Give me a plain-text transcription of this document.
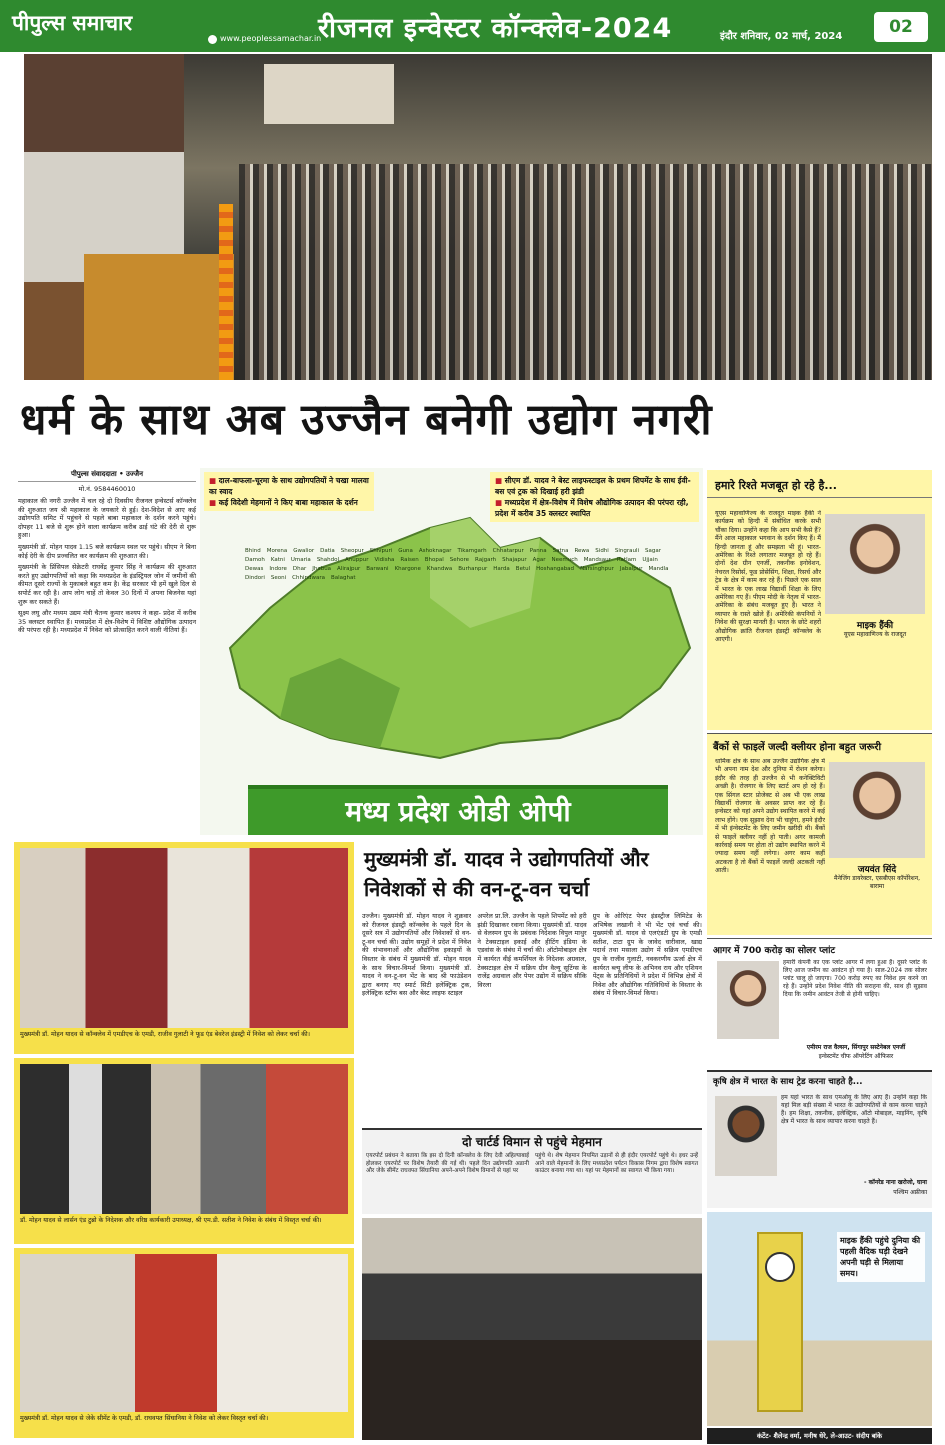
पीपुल्स समाचार
www.peoplessamachar.in
रीजनल इन्वेस्टर कॉन्क्लेव-2024	इंदौर शनिवार, 02 मार्च, 2024	02
धर्म के साथ अब उज्जैन बनेगी उद्योग नगरी
पीपुल्स संवाददाता • उज्जैन
मो.नं. 9584460010

महाकाल की नगरी उज्जैन में चल रहे दो दिवसीय रीजनल इन्वेस्टर्स कॉन्क्लेव की शुरुआत जय श्री महाकाल के जयकारे से हुई। देश-विदेश से आए कई उद्योगपति समिट में पहुंचने से पहले बाबा महाकाल के दर्शन करने पहुंचे। दोपहर 11 बजे से शुरू होने वाला कार्यक्रम करीब ढाई घंटे की देरी से शुरू हुआ।

मुख्यमंत्री डॉ. मोहन यादव 1.15 बजे कार्यक्रम स्थल पर पहुंचे। सीएम ने बिना कोई देरी के दीप प्रज्वलित कर कार्यक्रम की शुरुआत की।

मुख्यमंत्री के प्रिंसिपल सेक्रेटरी राघवेंद्र कुमार सिंह ने कार्यक्रम की शुरुआत करते हुए उद्योगपतियों को कहा कि मध्यप्रदेश के इंडस्ट्रियल जोन में जमीनों की कीमत दूसरे राज्यों के मुकाबले बहुत कम है। केंद्र सरकार भी हमें खुले दिल से सपोर्ट कर रही है। आप लोग चाहें तो केवल 30 दिनों में अपना बिजनेस यहां शुरू कर सकते हैं।

सूक्ष्म लघु और मध्यम उद्यम मंत्री चैतन्य कुमार कश्यप ने कहा- प्रदेश में करीब 35 क्लस्टर स्थापित हैं। मध्यप्रदेश में क्षेत्र-विशेष में विशिष्ट औद्योगिक उत्पादन की परंपरा रही है। मध्यप्रदेश में निवेश को प्रोत्साहित करने वाली नीतियां हैं।

Bhind Morena Gwalior Datia Sheopur Shivpuri Guna Ashoknagar Tikamgarh Chhatarpur Panna Satna Rewa Sidhi Singrauli Sagar
Damoh Katni Umaria Shahdol Anuppur Vidisha Raisen Bhopal Sehore Rajgarh Shajapur Agar Neemuch Mandsaur Ratlam Ujjain
Dewas Indore Dhar Jhabua Alirajpur Barwani Khargone Khandwa Burhanpur Harda Betul Hoshangabad Narsinghpur Jabalpur Mandla
Dindori Seoni Chhindwara Balaghat
■ दाल-बाफला-चूरमा के साथ उद्योगपतियों ने चखा मालवा का स्वाद
■ कई विदेशी मेहमानों ने किए बाबा महाकाल के दर्शन
■ सीएम डॉ. यादव ने बेस्ट लाइफस्टाइल के प्रथम शिपमेंट के साथ ईवी-बस एवं ट्रक को दिखाई हरी झंडी
■ मध्यप्रदेश में क्षेत्र-विशेष में विशेष औद्योगिक उत्पादन की परंपरा रही, प्रदेश में करीब 35 क्लस्टर स्थापित
मध्य प्रदेश ओडी ओपी
हमारे रिश्ते मजबूत हो रहे है...
यूएस महावाणिज्य के राजदूत माइक हैंकी ने कार्यक्रम को हिन्दी में संबोधित करके सभी चौंका दिया। उन्होंने कहा कि आप सभी कैसे हैं? मैंने आज महाकाल भगवान के दर्शन किए हैं। मैं हिन्दी जानता हूं और समझता भी हूं। भारत-अमेरिका के रिश्ते लगातार मजबूत हो रहे हैं। दोनों देश ग्रीन एनर्जी, तकनीक इनोवेशन, नेचरल रिसोर्स, फूड प्रोसेसिंग, शिक्षा, रिसर्च और ट्रेड के क्षेत्र में काम कर रहे हैं। पिछले एक साल में भारत के एक लाख विद्यार्थी शिक्षा के लिए अमेरिका गए हैं। पीएम मोदी के नेतृत्व में भारत-अमेरिका के संबंध मजबूत हुए हैं। भारत ने व्यापार के रास्ते खोले हैं। अमेरिकी कंपनियों ने निवेश की सुरक्षा मानती है। भारत के छोटे शहरों औद्योगिक क्रांति रीजनल इंडस्ट्री कॉन्क्लेव के आएगी।
माइक हैंकी
यूएस महावाणिज्य के राजदूत
बैंकों से फाइलें जल्दी क्लीयर होना बहुत जरूरी
धार्मिक क्षेत्र के साथ अब उज्जैन उद्योगिक क्षेत्र में भी अपना नाम देश और दुनिया में रोशन करेगा। इंदौर की तरह ही उज्जैन से भी कनेक्टिविटी अच्छी है। रोजगार के लिए स्टार्ट अप हो रहे हैं। एक सिंगल स्टार प्रोजेक्ट से अब भी एक लाख विद्यार्थी रोजगार के अवसर प्राप्त कर रहे हैं। इन्वेस्टर को यहां अपने उद्योग स्थापित करने में कई लाभ होंगे। एक सुझाव देना भी चाहूंगा, हमने इंदौर में भी इंन्वेस्टमेंट के लिए जमीन खरीदी थी। बैंकों से फाइलें क्लीयर नहीं हो पाती। अगर कामजी कार्रवाई समय पर होता तो उद्योग स्थापित करने में ज्यादा समय नहीं लगेगा। अगर काम कहीं अटकता है तो बैंकों में फाइलें जल्दी अटकती नहीं आती।	जयवंत सिंदे
मैनेजिंग डायरेक्टर, एसबीएस कॉर्पोरेशन, बारामा
आगर में 700 करोड़ का सोलर प्लांट
हमारी कंपनी का एक प्लांट आगर में लगा हुआ है। दूसरे प्लांट के लिए आज जमीन का आवंटन हो गया है। साल-2024 तक सोलर प्लांट चालू हो जाएगा। 700 करोड़ रुपए का निवेश हम करने जा रहे हैं। उन्होंने प्रदेश निवेश नीति की सराहना की, साथ ही सुझाव दिया कि जमीन आवंटन तेजी से होनी चाहिए।
एमीरम राज वैल्सन, सिंगापुर सस्टेनेबल एनर्जी
इन्वेस्टमेंट चीफ ऑपरेटिंग ऑफिसर
कृषि क्षेत्र में भारत के साथ ट्रेड करना चाहते है...
हम यहां भारत के साथ एमओयू के लिए आए हैं। उन्होंने कहा कि यहां मिल बड़ी संख्या में भारत के उद्योगपतियों से काम करना चाहते हैं। हम शिक्षा, तकनीक, इलेक्ट्रिक, ऑटो मोबाइल, माइनिंग, कृषि क्षेत्र में भारत के साथ व्यापार करना चाहते हैं।
- कॉनरेड नाना खरोजो, घाना
पश्चिम अफ्रीका
मुख्यमंत्री डॉ. मोहन यादव से कॉन्क्लेव में एमडीएच के एमडी, राजीव गुलाटी ने फूड एंड बेवरेज इंडस्ट्री में निवेश को लेकर चर्चा की।
डॉ. मोहन यादव से लार्सन एंड टुब्रो के निदेशक और वरिष्ठ कार्यकारी उपाध्यक्ष, श्री एम.डी. सतीश ने निवेश के संबंध में विस्तृत चर्चा की।
मुख्यमंत्री डॉ. मोहन यादव से जेके सीमेंट के एमडी, डॉ. राघवपत सिंघानिया ने निवेश को लेकर विस्तृत चर्चा की।
मुख्यमंत्री डॉ. यादव ने उद्योगपतियों और निवेशकों से की वन-टू-वन चर्चा
उज्जैन। मुख्यमंत्री डॉ. मोहन यादव ने शुक्रवार को रीजनल इंडस्ट्री कॉन्क्लेव के पहले दिन के दूसरे सत्र में उद्योगपतियों और निवेशकों से वन-टू-वन चर्चा की। उद्योग समूहों ने प्रदेश में निवेश की संभावनाओं और औद्योगिक इकाइयों के विस्तार के संबंध में मुख्यमंत्री डॉ. मोहन यादव के साथ विचार-विमर्श किया। मुख्यमंत्री डॉ. यादव ने वन-टू-वन भेंट के बाद श्री फाउंडेशन द्वारा बनाए गए स्मार्ट सिटी इलेक्ट्रिक ट्रक, इलेक्ट्रिक स्टॉफ बस और बेस्ट लाइफ स्टाइल
अपरेल प्रा.लि. उज्जैन के पहले शिपमेंट को हरी झंडी दिखाकर रवाना किया। मुख्यमंत्री डॉ. यादव से वेलस्पन ग्रुप के प्रबंधक निदेशक विपुल माथुर ने टेक्सटाइल इकाई और हीटिंग इंडिया के एडवांस के संबंध में चर्चा की। ऑटोमोबाइल क्षेत्र में कार्यरत वीई कमर्शियल के निदेशक अग्रवाल, टेक्सटाइल क्षेत्र में सक्रिय ग्रीन वैल्यू सूटिंग्स के राजेंद्र अग्रवाल और पेपर उद्योग में सक्रिय सीकि विरला
ग्रुप के ओरिएंट पेपर इंडस्ट्रीज लिमिटेड के अभिषेक लखानी ने भी भेंट एवं चर्चा की। मुख्यमंत्री डॉ. यादव से एलएंडटी ग्रुप के एमडी सतीश, टाटा ग्रुप के जावेद धारीवाल, खाद्य पदार्थ तथा मसाला उद्योग में सक्रिय एमडीएच ग्रुप के राजीव गुलाटी, नवकरणीय ऊर्जा क्षेत्र में कार्यरत ब्ल्यू लीफ के अभिनव राय और एशियन पेंट्स के प्रतिनिधियों ने प्रदेश में विभिन्न क्षेत्रों में निवेश और औद्योगिक गतिविधियों के विस्तार के संबंध में विचार-विमर्श किया।
दो चार्टर्ड विमान से पहुंचे मेहमान
एयरपोर्ट प्रबंधन ने बताया कि इस दो दिनी कॉन्क्लेव के लिए देवी अहिल्याबाई होलकर एयरपोर्ट पर विशेष तैयारी की गई थी। पहले दिन उद्योगपति अडानी और जेके सीमेंट राघवपत सिंघानिया अपने-अपने विशेष विमानों से यहां पर
पहुंचे थे। शेष मेहमान नियमित उड़ानों से ही इंदौर एयरपोर्ट पहुंचे थे। इधर उन्हें आने वाले मेहमानों के लिए मध्यप्रदेश पर्यटन विकास निगम द्वारा विशेष स्वागत काउंटर बनाया गया था। यहां पर मेहमानों का स्वागत भी किया गया।
माइक हैंकी पहुंचे दुनिया की पहली वैदिक घड़ी देखने अपनी घड़ी से मिलाया समय।
कंटेंट- शैलेन्द्र वर्मा, मनीष धेरे, ले-आउट- संदीप बांके
